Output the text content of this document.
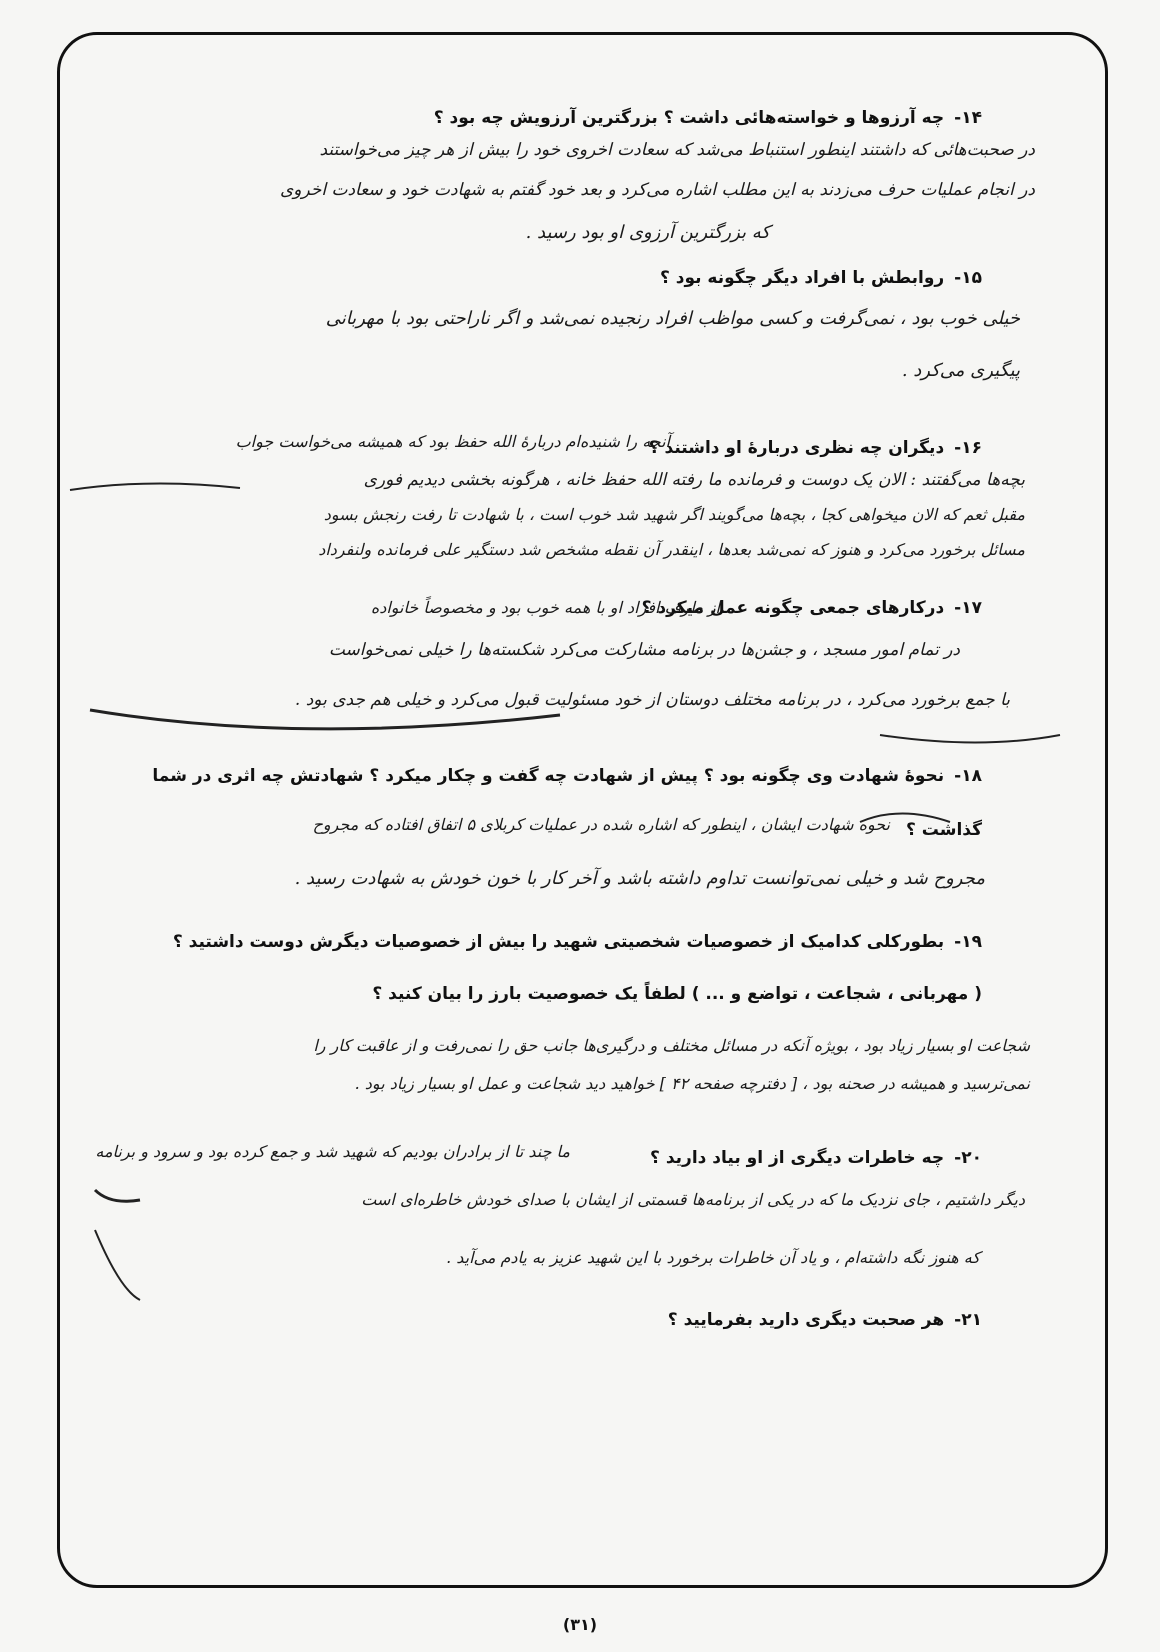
۱۴-چه آرزوها و خواسته‌هائی داشت ؟ بزرگترین آرزویش چه بود ؟
در صحبت‌هائی که داشتند اینطور استنباط می‌شد که سعادت اخروی خود را بیش از هر چیز می‌خواستند
در انجام عملیات حرف می‌زدند به این مطلب اشاره می‌کرد و بعد خود گفتم به شهادت خود و سعادت اخروی
که بزرگترین آرزوی او بود رسید .
۱۵-روابطش با افراد دیگر چگونه بود ؟
خیلی خوب بود ، نمی‌گرفت و کسی مواظب افراد رنجیده نمی‌شد و اگر ناراحتی بود با مهربانی
پیگیری می‌کرد .
۱۶-دیگران چه نظری دربارهٔ او داشتند ؟
آنچه را شنیده‌ام دربارهٔ الله حفظ بود که همیشه می‌خواست جواب
بچه‌ها می‌گفتند : الان یک دوست و فرمانده ما رفته الله حفظ خانه ، هرگونه بخشی دیدیم فوری
مقبل ثعم که الان میخواهی کجا ، بچه‌ها می‌گویند اگر شهید شد خوب است ، با شهادت تا رفت رنجش بسود
مسائل برخورد می‌کرد و هنوز که نمی‌شد بعدها ، اینقدر آن نقطه مشخص شد دستگیر علی فرمانده ولنفرداد
۱۷-درکارهای جمعی چگونه عمل میکرد ؟
از طرف افراد او با همه خوب بود و مخصوصاً خانواده
در تمام امور مسجد ، و جشن‌ها در برنامه مشارکت می‌کرد شکسته‌ها را خیلی نمی‌خواست
با جمع برخورد می‌کرد ، در برنامه مختلف دوستان از خود مسئولیت قبول می‌کرد و خیلی هم جدی بود .
۱۸-نحوهٔ شهادت وی چگونه بود ؟ پیش از شهادت چه گفت و چکار میکرد ؟ شهادتش چه اثری در شما
گذاشت ؟
نحوه شهادت ایشان ، اینطور که اشاره شده در عملیات کربلای ۵ اتفاق افتاده که مجروح
مجروح شد و خیلی نمی‌توانست تداوم داشته باشد و آخر کار با خون خودش به شهادت رسید .
۱۹-بطورکلی کدامیک از خصوصیات شخصیتی شهید را بیش از خصوصیات دیگرش دوست داشتید ؟
( مهربانی ، شجاعت ، تواضع و ... ) لطفاً یک خصوصیت بارز را بیان کنید ؟
شجاعت او بسیار زیاد بود ، بویژه آنکه در مسائل مختلف و درگیری‌ها جانب حق را نمی‌رفت و از عاقبت کار را
نمی‌ترسید و همیشه در صحنه بود ، [ دفترچه صفحه ۴۲ ] خواهید دید شجاعت و عمل او بسیار زیاد بود .
۲۰-چه خاطرات دیگری از او بیاد دارید ؟
ما چند تا از برادران بودیم که شهید شد و جمع کرده بود و سرود و برنامه
دیگر داشتیم ، جای نزدیک ما که در یکی از برنامه‌ها قسمتی از ایشان با صدای خودش خاطره‌ای است
که هنوز نگه داشته‌ام ، و یاد آن خاطرات برخورد با این شهید عزیز به یادم می‌آید .
۲۱-هر صحبت دیگری دارید بفرمایید ؟
(۳۱)
